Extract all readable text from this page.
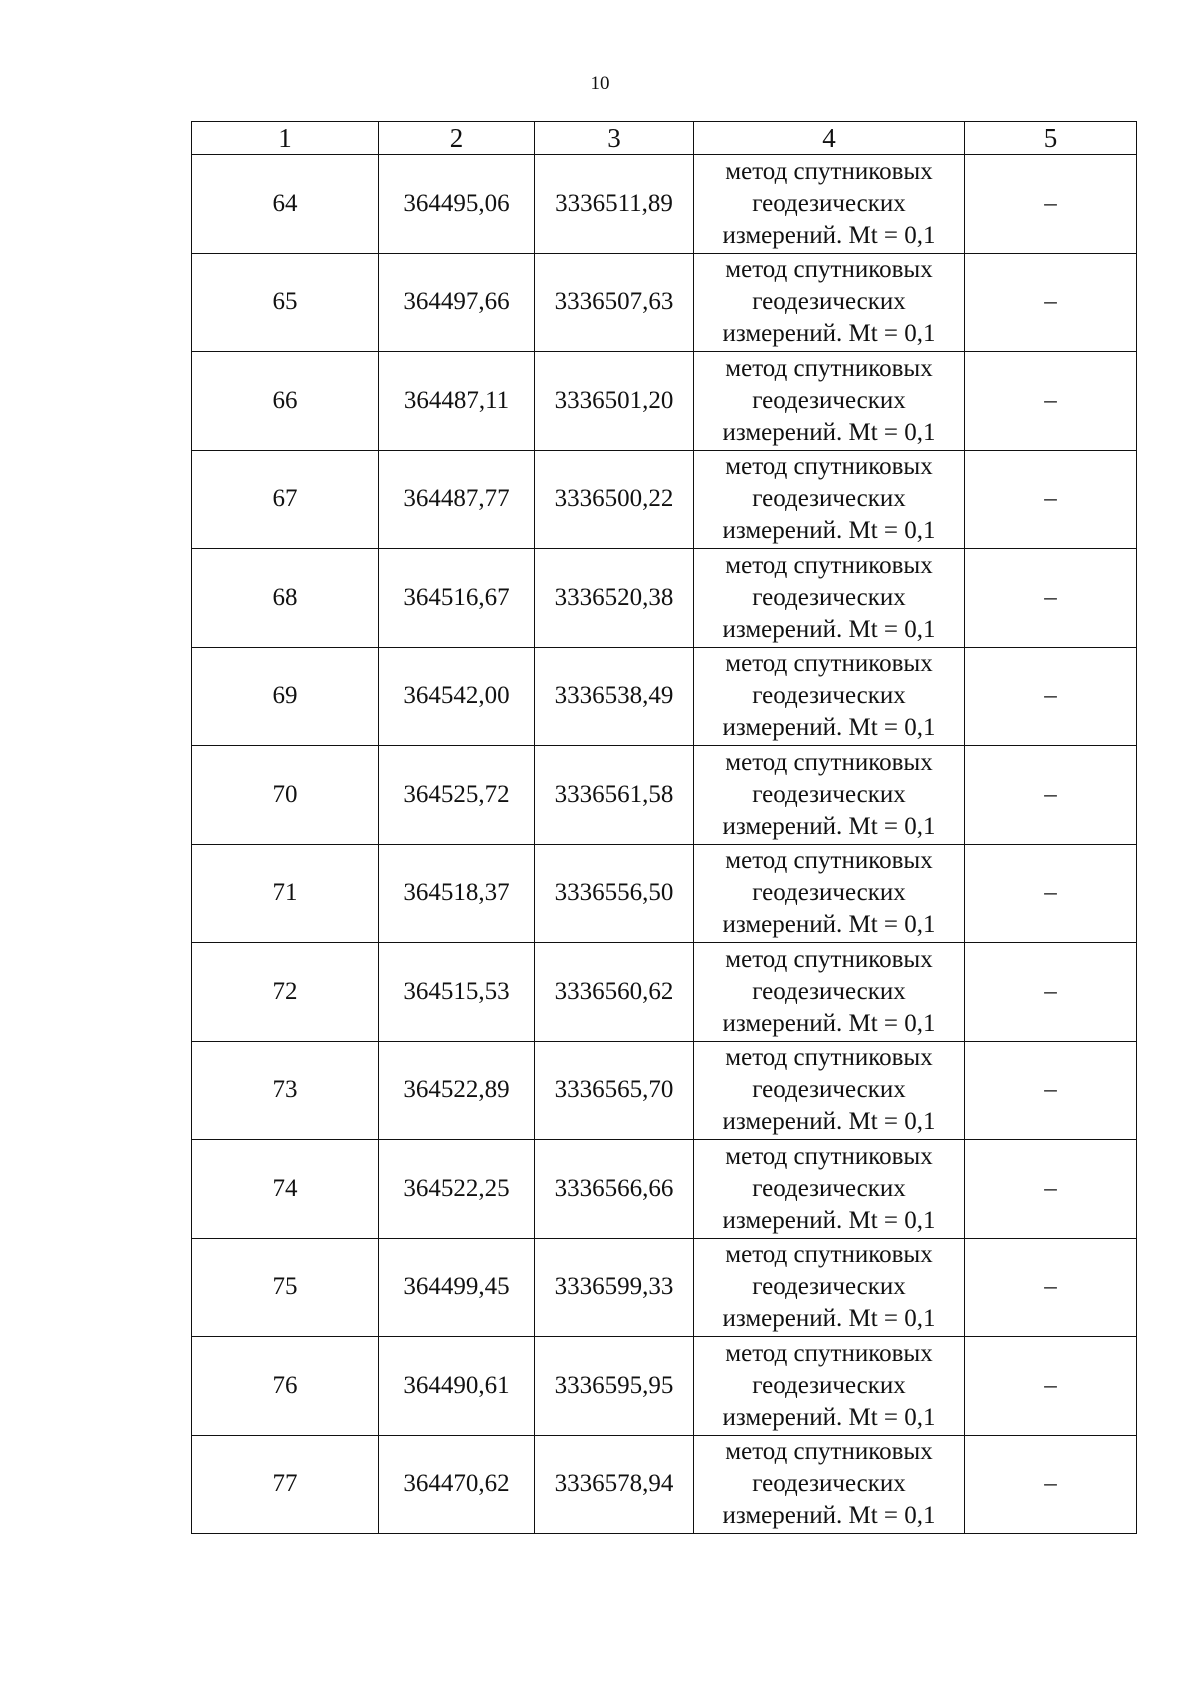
10
1	2	3	4	5
64	364495,06	3336511,89	метод спутниковых геодезических измерений. Mt = 0,1	–
65	364497,66	3336507,63	метод спутниковых геодезических измерений. Mt = 0,1	–
66	364487,11	3336501,20	метод спутниковых геодезических измерений. Mt = 0,1	–
67	364487,77	3336500,22	метод спутниковых геодезических измерений. Mt = 0,1	–
68	364516,67	3336520,38	метод спутниковых геодезических измерений. Mt = 0,1	–
69	364542,00	3336538,49	метод спутниковых геодезических измерений. Mt = 0,1	–
70	364525,72	3336561,58	метод спутниковых геодезических измерений. Mt = 0,1	–
71	364518,37	3336556,50	метод спутниковых геодезических измерений. Mt = 0,1	–
72	364515,53	3336560,62	метод спутниковых геодезических измерений. Mt = 0,1	–
73	364522,89	3336565,70	метод спутниковых геодезических измерений. Mt = 0,1	–
74	364522,25	3336566,66	метод спутниковых геодезических измерений. Mt = 0,1	–
75	364499,45	3336599,33	метод спутниковых геодезических измерений. Mt = 0,1	–
76	364490,61	3336595,95	метод спутниковых геодезических измерений. Mt = 0,1	–
77	364470,62	3336578,94	метод спутниковых геодезических измерений. Mt = 0,1	–
